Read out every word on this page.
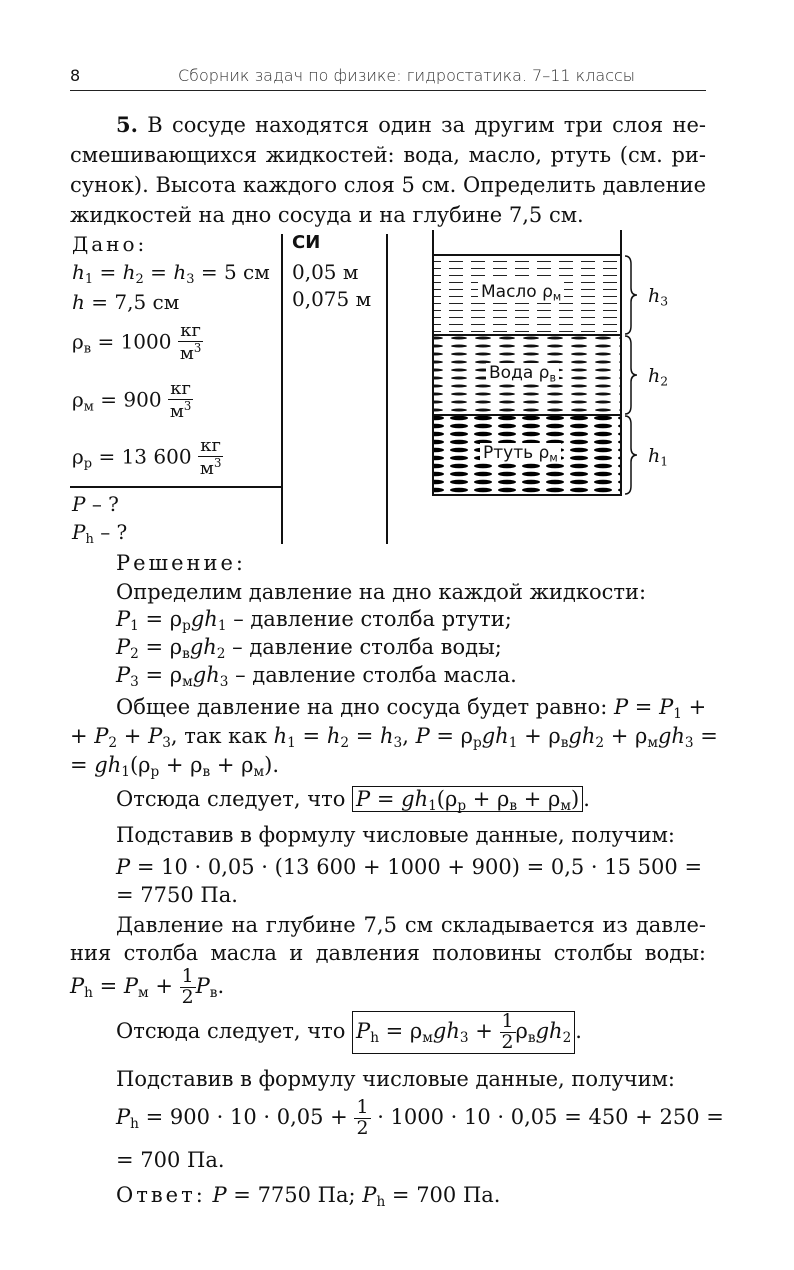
8	Сборник задач по физике: гидростатика. 7–11 классы
5. В сосуде находятся один за другим три слоя не-
смешивающихся жидкостей: вода, масло, ртуть (см. ри-
сунок). Высота каждого слоя 5 см. Определить давление
жидкостей на дно сосуда и на глубине 7,5 см.
Дано:
$h_1 = h_2 = h_3 = 5$ см
h = 7,5 см
$\rho_в = 1000 \frac{кг}{м^3}$
$\rho_м = 900 \frac{кг}{м^3}$
$\rho_р = 13$ $600 \frac{кг}{м^3}$
P – ?
$P_h$ – ?
СИ
0,05 м
0,075 м	Масло $\rho_м$
Вода $\rho_в$
Ртуть $\rho_м$
$h_3$
$h_2$
$h_1$
Решение:
Определим давление на дно каждой жидкости:
$P_1 = \rho_рgh_1$ – давление столба ртути;
$P_2 = \rho_вgh_2$ – давление столба воды;
$P_3 = \rho_мgh_3$ – давление столба масла.
Общее давление на дно сосуда будет равно: $P = P_1$ +
+ $P_2 + P_3$, так как $h_1 = h_2 = h_3$, $P = \rho_рgh_1 + \rho_вgh_2 + \rho_мgh_3$ =
= $gh_1(\rho_р + \rho_в + \rho_м)$.
Отсюда следует, что $P = gh_1(\rho_р + \rho_в + \rho_м)$ .
Подставив в формулу числовые данные, получим:
P = 10 · 0,05 · (13 600 + 1000 + 900) = 0,5 · 15 500 =
= 7750 Па.
Давление на глубине 7,5 см складывается из давле-
ния столба масла и давления половины столбы воды:
$P_h = P_м + \frac{1}{2} P_в$.
Отсюда следует, что $P_h = \rho_мgh_3 + \frac{1}{2} \rho_вgh_2$ .
Подставив в формулу числовые данные, получим:
$P_h = 900 \cdot 10 \cdot 0,05 + \frac{1}{2} \cdot 1000 \cdot 10 \cdot 0,05 = 450 + 250$ =
= 700 Па.
Ответ: P = 7750 Па; $P_h = 700$ Па.
